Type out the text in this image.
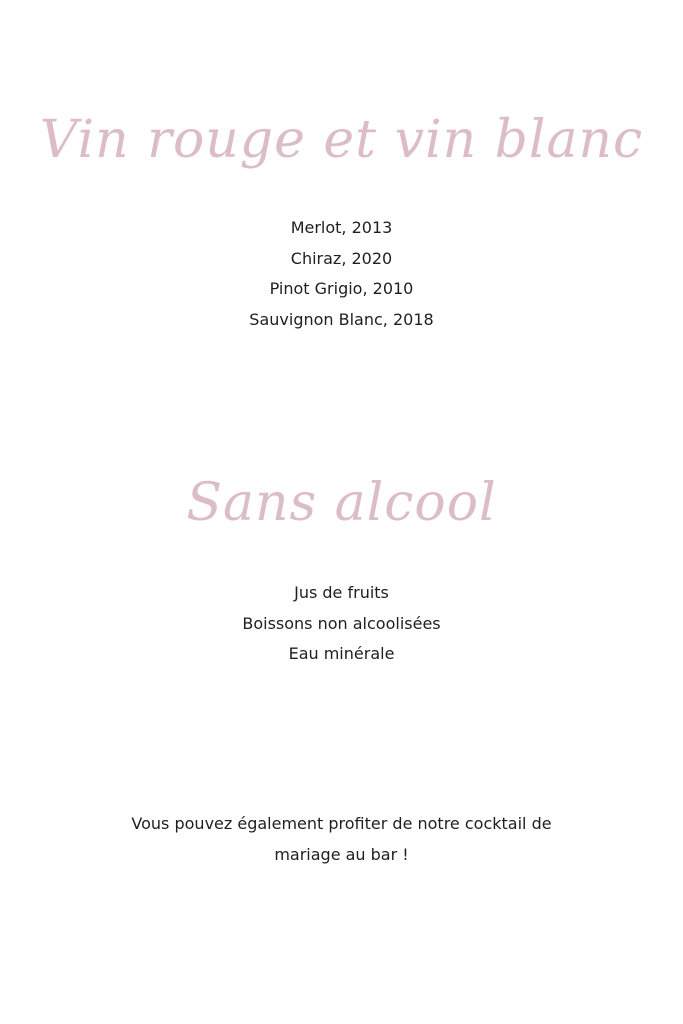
Vin rouge et vin blanc
Merlot, 2013
Chiraz, 2020
Pinot Grigio, 2010
Sauvignon Blanc, 2018
Sans alcool
Jus de fruits
Boissons non alcoolisées
Eau minérale

Vous pouvez également profiter de notre cocktail de mariage au bar !
